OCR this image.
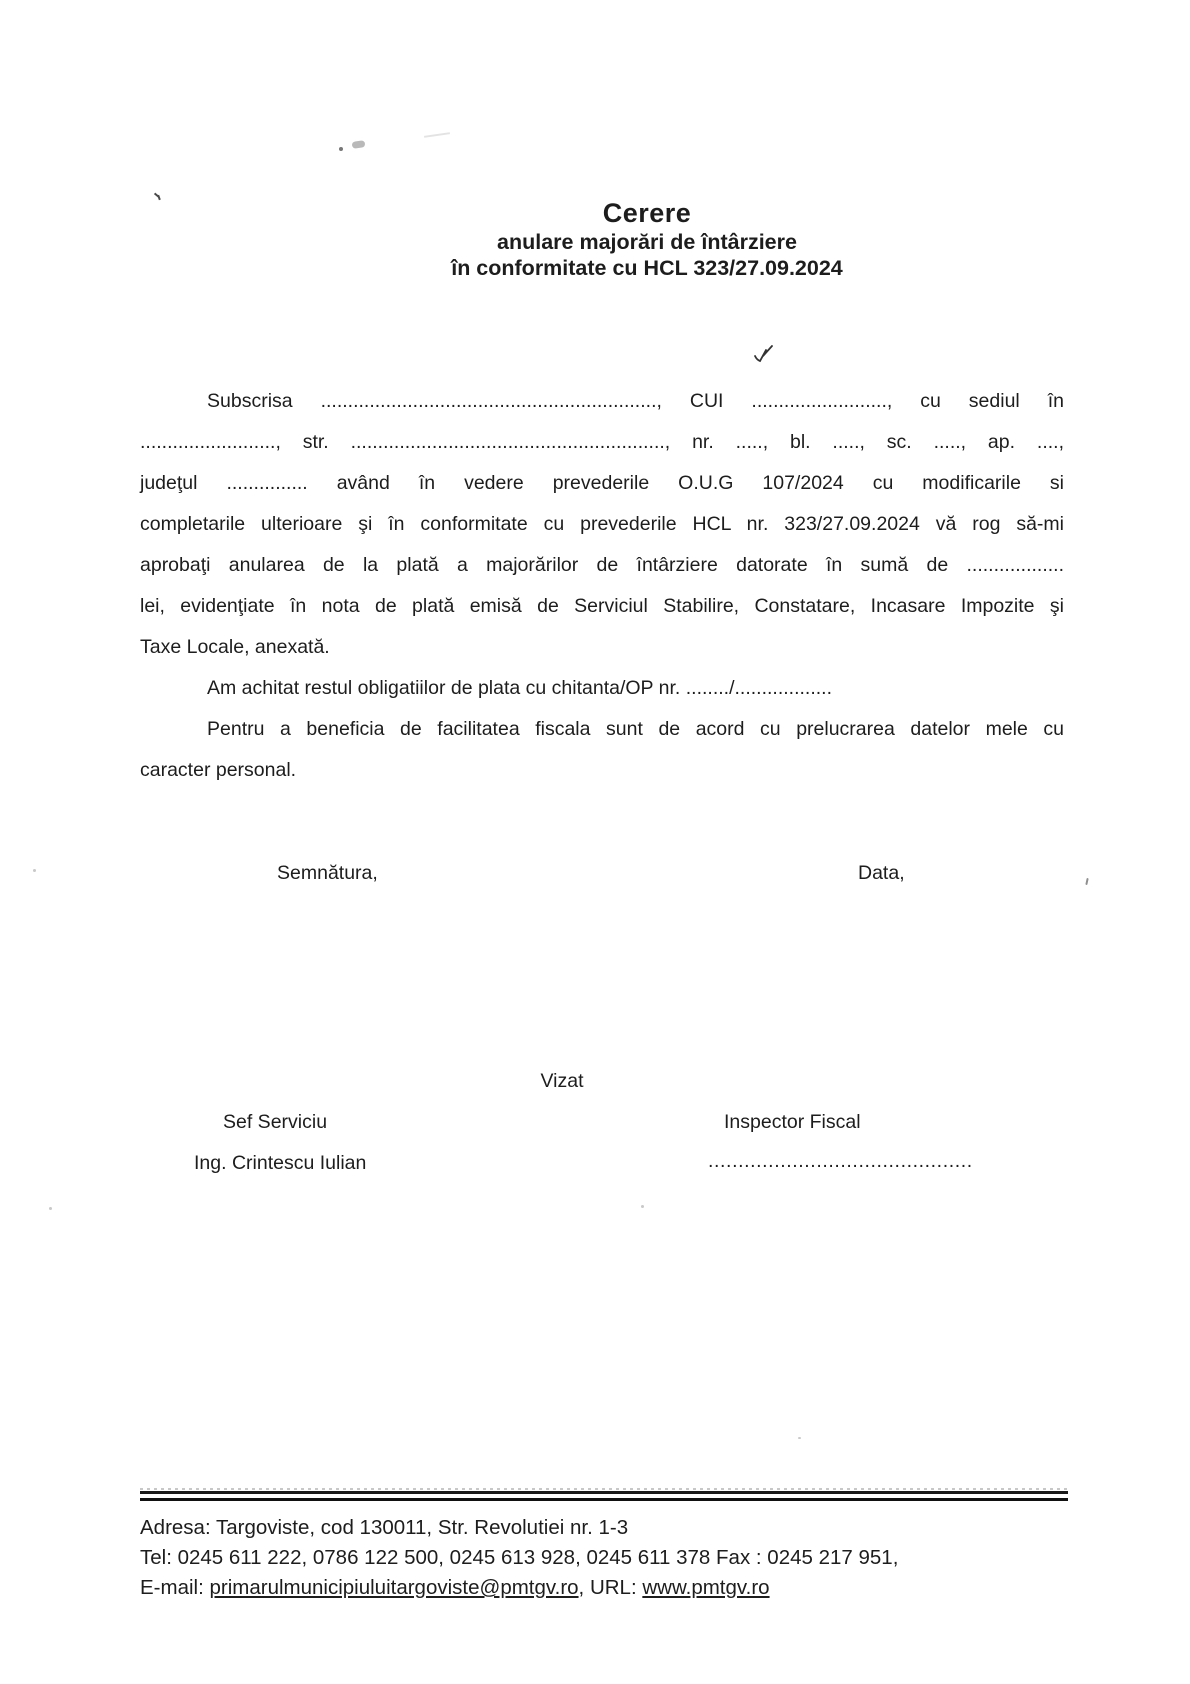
Cerere
anulare majorări de întârziere
în conformitate cu HCL 323/27.09.2024

Subscrisa .............................................................., CUI ........................., cu sediul în

........................., str. .........................................................., nr. ....., bl. ....., sc. ....., ap. ....,

judeţul ............... având în vedere prevederile O.U.G 107/2024 cu modificarile si

completarile ulterioare şi în conformitate cu prevederile HCL nr. 323/27.09.2024 vă rog să-mi

aprobaţi anularea de la plată a majorărilor de întârziere datorate în sumă de ..................

lei, evidenţiate în nota de plată emisă de Serviciul Stabilire, Constatare, Incasare Impozite şi

Taxe Locale, anexată.

Am achitat restul obligatiilor de plata cu chitanta/OP nr. ......../..................

Pentru a beneficia de facilitatea fiscala sunt de acord cu prelucrarea datelor mele cu

caracter personal.

Semnătura,	Data,
Vizat
Sef Serviciu
Ing. Crintescu Iulian
Inspector Fiscal
............................................
Adresa: Targoviste, cod 130011, Str. Revolutiei nr. 1-3
Tel: 0245 611 222, 0786 122 500, 0245 613 928, 0245 611 378 Fax : 0245 217 951,
E-mail: primarulmunicipiuluitargoviste@pmtgv.ro, URL: www.pmtgv.ro
